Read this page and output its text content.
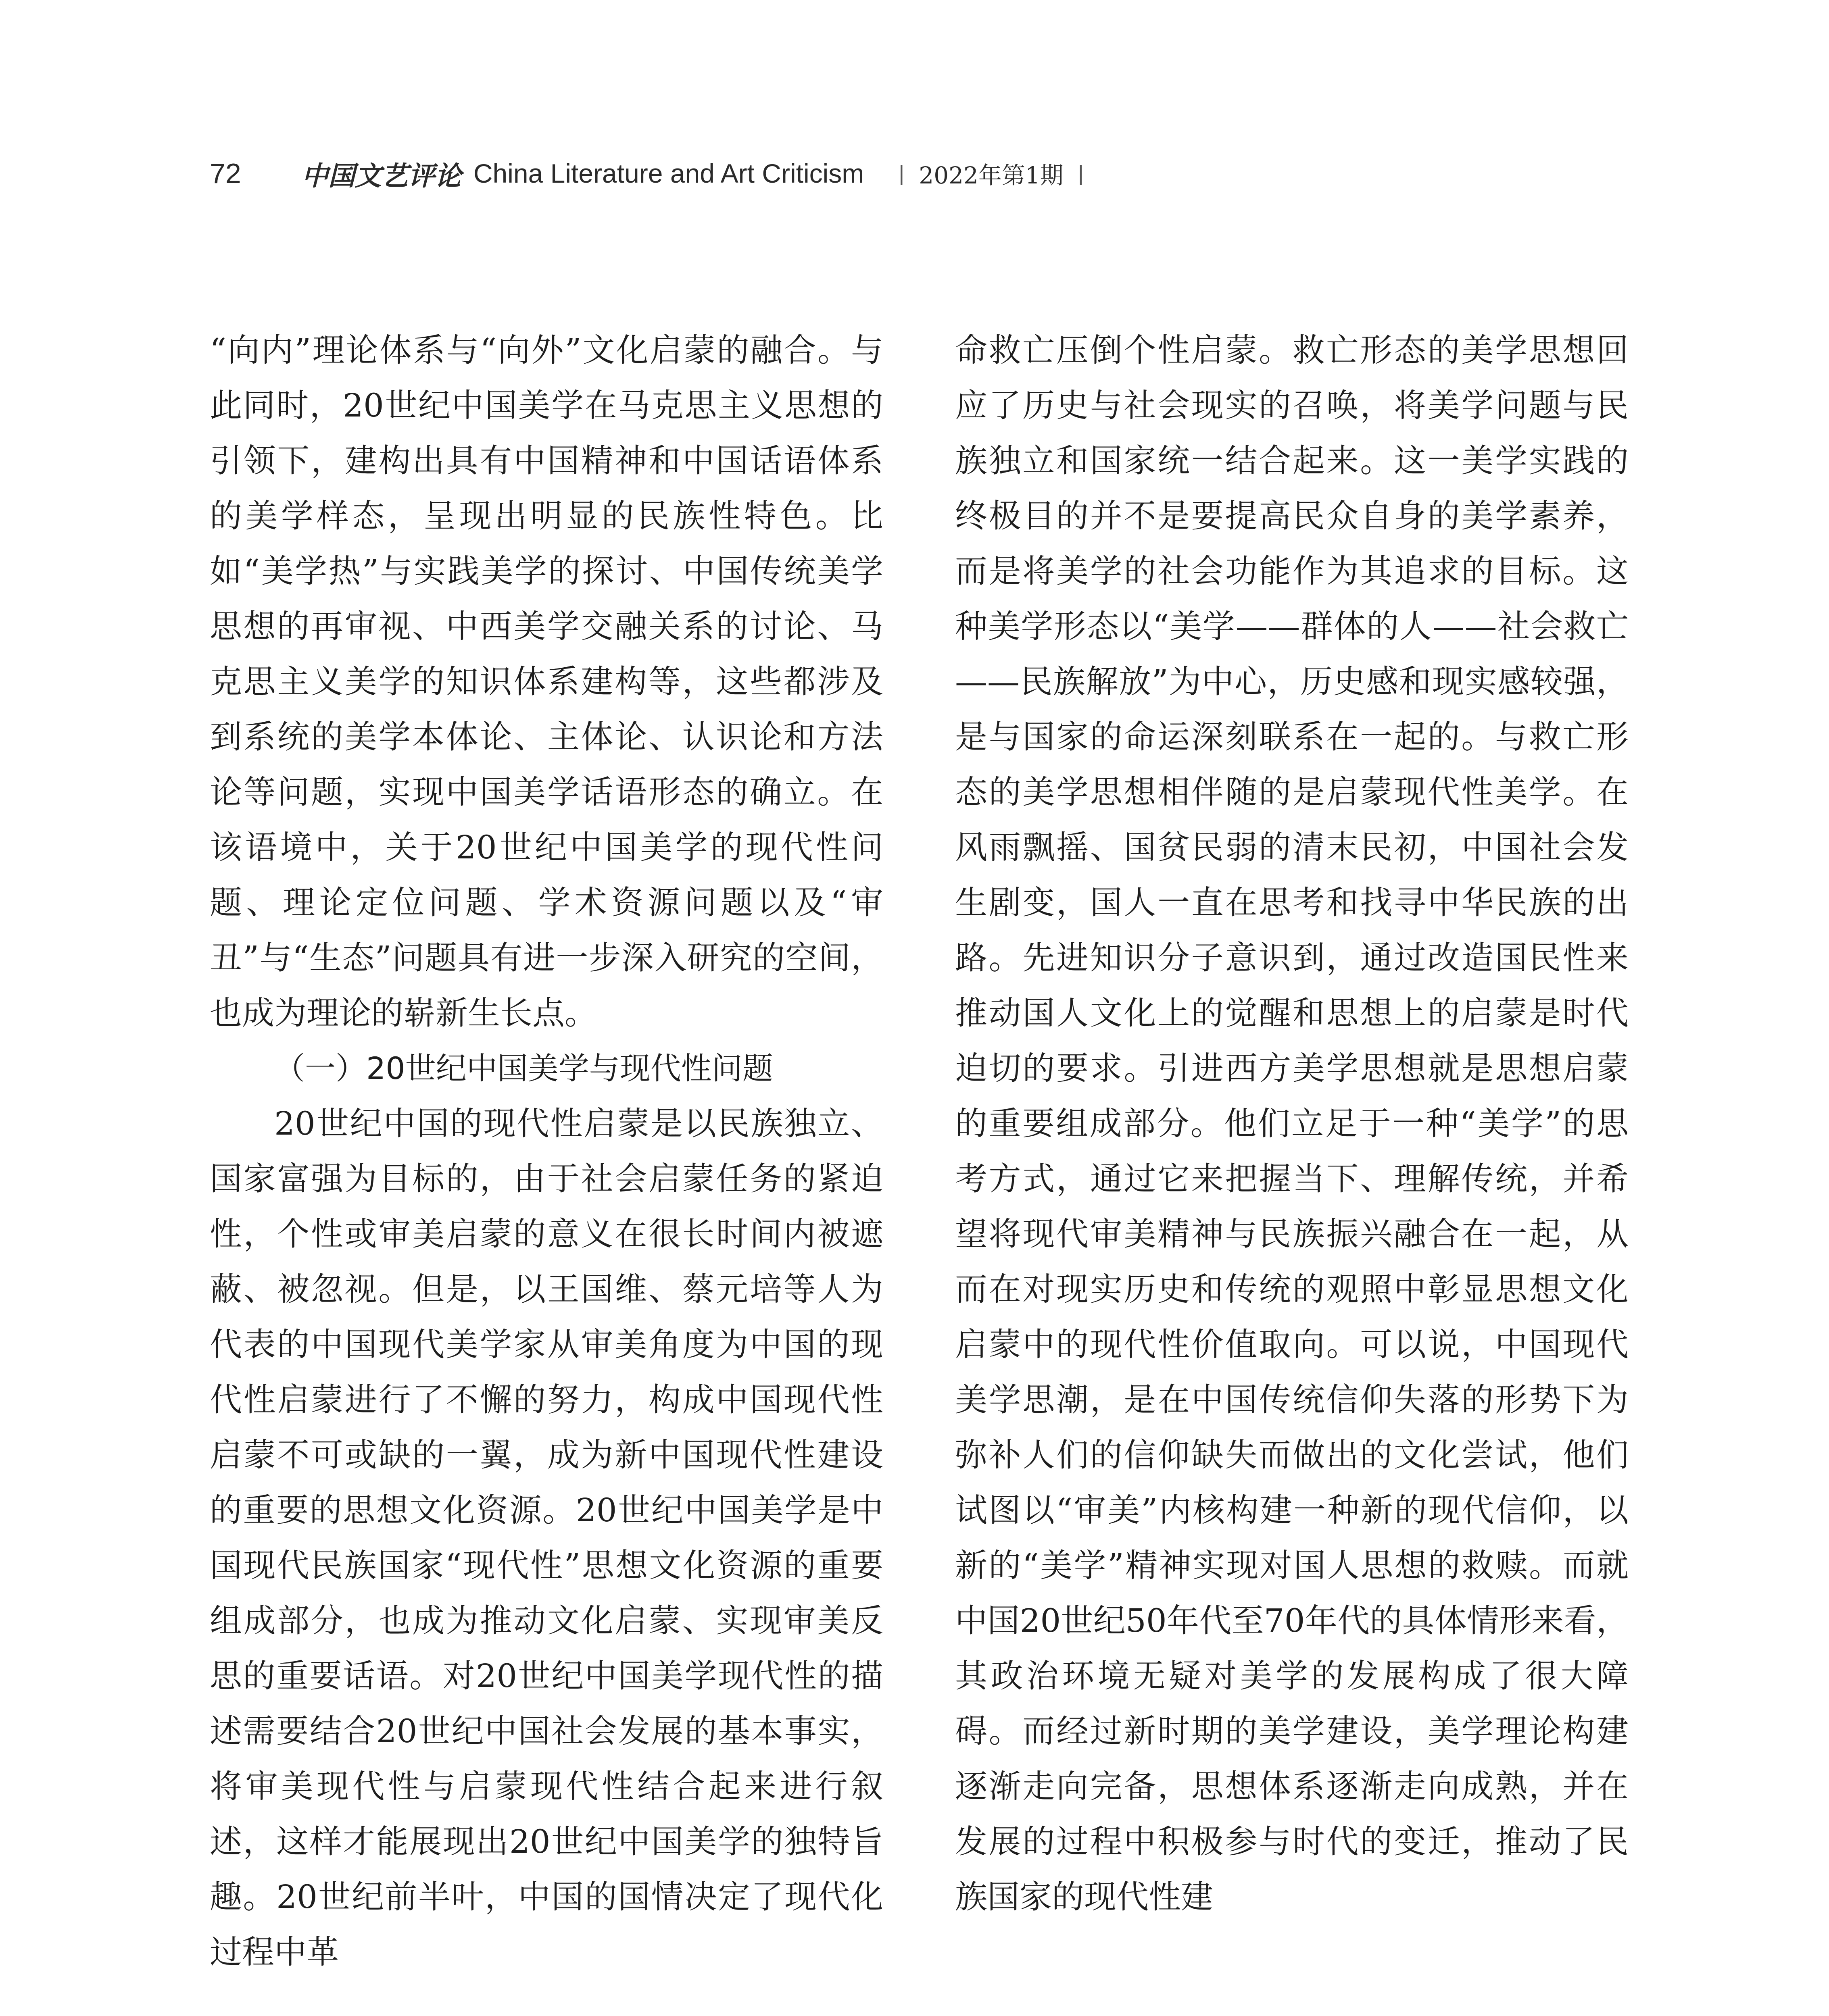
72 中国文艺评论 China Literature and Art Criticism | 2022年第1期 |

“向内”理论体系与“向外”文化启蒙的融合。与此同时，20世纪中国美学在马克思主义思想的引领下，建构出具有中国精神和中国话语体系的美学样态，呈现出明显的民族性特色。比如“美学热”与实践美学的探讨、中国传统美学思想的再审视、中西美学交融关系的讨论、马克思主义美学的知识体系建构等，这些都涉及到系统的美学本体论、主体论、认识论和方法论等问题，实现中国美学话语形态的确立。在该语境中，关于20世纪中国美学的现代性问题、理论定位问题、学术资源问题以及“审丑”与“生态”问题具有进一步深入研究的空间，也成为理论的崭新生长点。

（一）20世纪中国美学与现代性问题

20世纪中国的现代性启蒙是以民族独立、国家富强为目标的，由于社会启蒙任务的紧迫性，个性或审美启蒙的意义在很长时间内被遮蔽、被忽视。但是，以王国维、蔡元培等人为代表的中国现代美学家从审美角度为中国的现代性启蒙进行了不懈的努力，构成中国现代性启蒙不可或缺的一翼，成为新中国现代性建设的重要的思想文化资源。20世纪中国美学是中国现代民族国家“现代性”思想文化资源的重要组成部分，也成为推动文化启蒙、实现审美反思的重要话语。对20世纪中国美学现代性的描述需要结合20世纪中国社会发展的基本事实，将审美现代性与启蒙现代性结合起来进行叙述，这样才能展现出20世纪中国美学的独特旨趣。20世纪前半叶，中国的国情决定了现代化过程中革

命救亡压倒个性启蒙。救亡形态的美学思想回应了历史与社会现实的召唤，将美学问题与民族独立和国家统一结合起来。这一美学实践的终极目的并不是要提高民众自身的美学素养，而是将美学的社会功能作为其追求的目标。这种美学形态以“美学——群体的人——社会救亡——民族解放”为中心，历史感和现实感较强，是与国家的命运深刻联系在一起的。与救亡形态的美学思想相伴随的是启蒙现代性美学。在风雨飘摇、国贫民弱的清末民初，中国社会发生剧变，国人一直在思考和找寻中华民族的出路。先进知识分子意识到，通过改造国民性来推动国人文化上的觉醒和思想上的启蒙是时代迫切的要求。引进西方美学思想就是思想启蒙的重要组成部分。他们立足于一种“美学”的思考方式，通过它来把握当下、理解传统，并希望将现代审美精神与民族振兴融合在一起，从而在对现实历史和传统的观照中彰显思想文化启蒙中的现代性价值取向。可以说，中国现代美学思潮，是在中国传统信仰失落的形势下为弥补人们的信仰缺失而做出的文化尝试，他们试图以“审美”内核构建一种新的现代信仰，以新的“美学”精神实现对国人思想的救赎。而就中国20世纪50年代至70年代的具体情形来看，其政治环境无疑对美学的发展构成了很大障碍。而经过新时期的美学建设，美学理论构建逐渐走向完备，思想体系逐渐走向成熟，并在发展的过程中积极参与时代的变迁，推动了民族国家的现代性建
